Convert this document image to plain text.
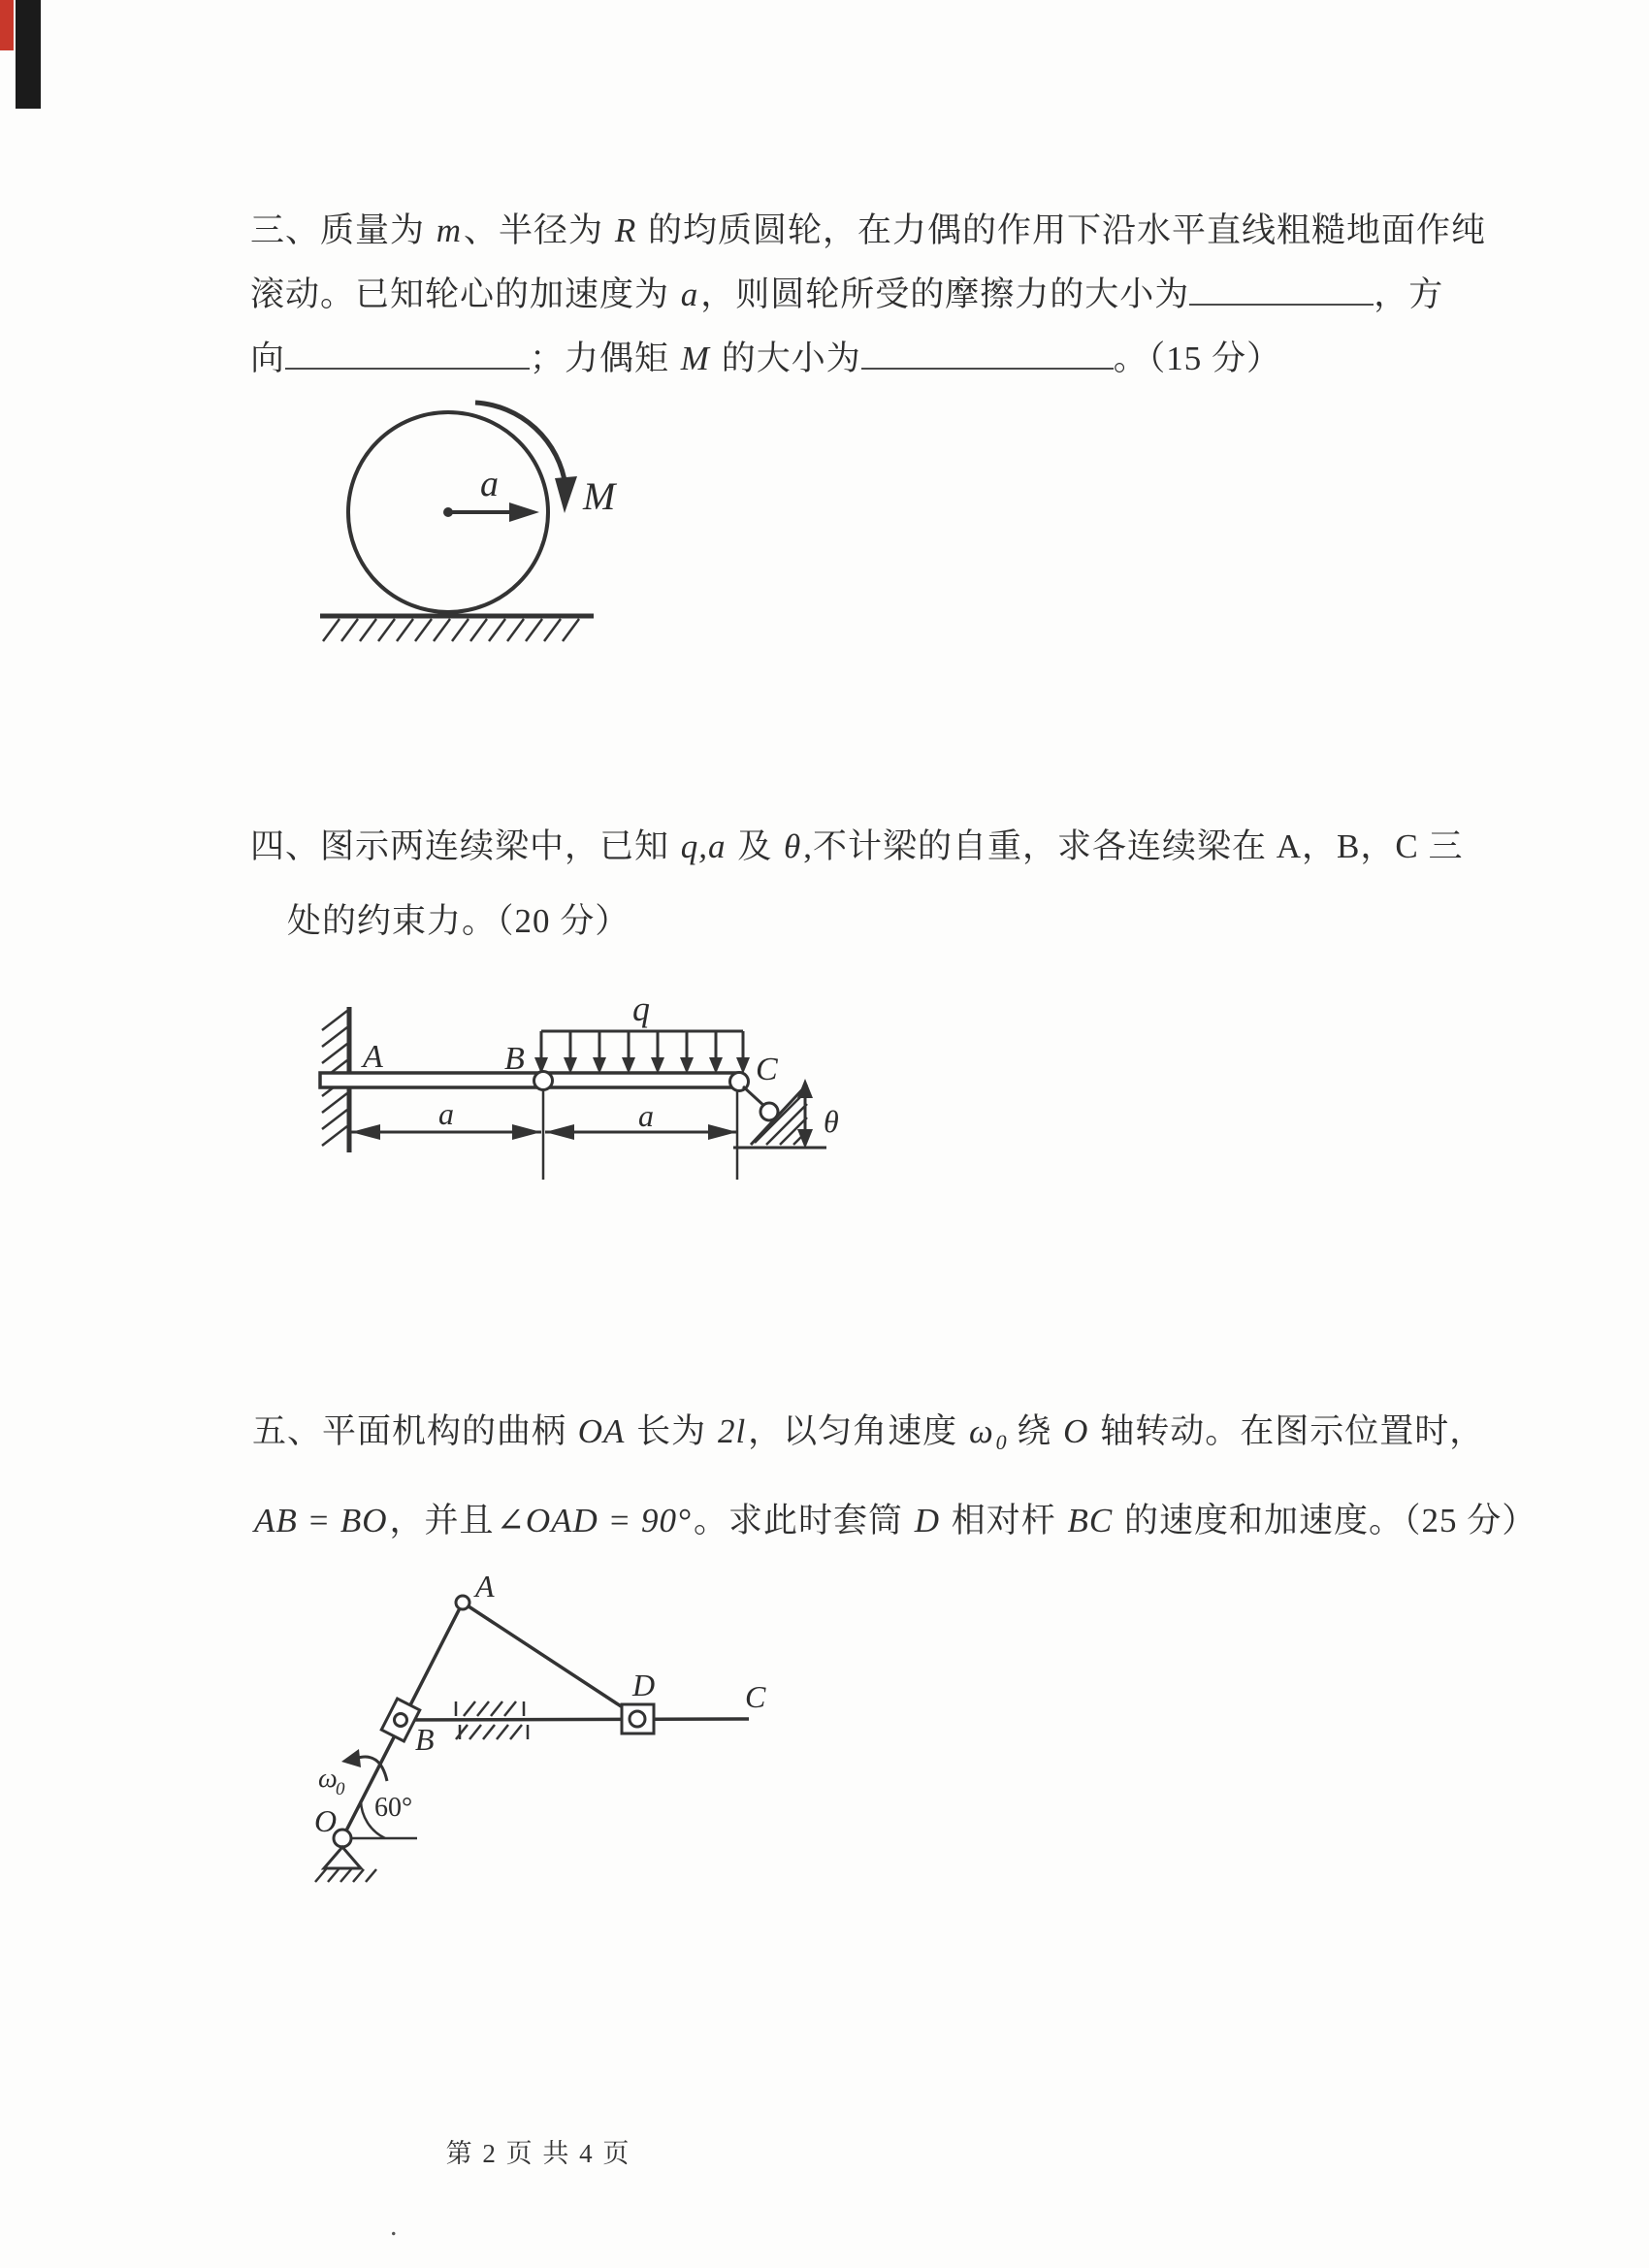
三、质量为 m、半径为 R 的均质圆轮，在力偶的作用下沿水平直线粗糙地面作纯
滚动。已知轮心的加速度为 a，则圆轮所受的摩擦力的大小为	，方
向	；力偶矩 M 的大小为	。（15 分）
a M
四、图示两连续梁中，已知 q,a 及 θ,不计梁的自重，求各连续梁在 A，B，C 三
处的约束力。（20 分）
A	B	C
q
a	a	θ
五、平面机构的曲柄 OA 长为 2l，以匀角速度 $\omega_0$ 绕 O 轴转动。在图示位置时，
AB = BO，并且∠OAD = 90°。求此时套筒 D 相对杆 BC 的速度和加速度。（25 分）
60°
ω
0
A
B
D	C
O
第 2 页 共 4 页
.
